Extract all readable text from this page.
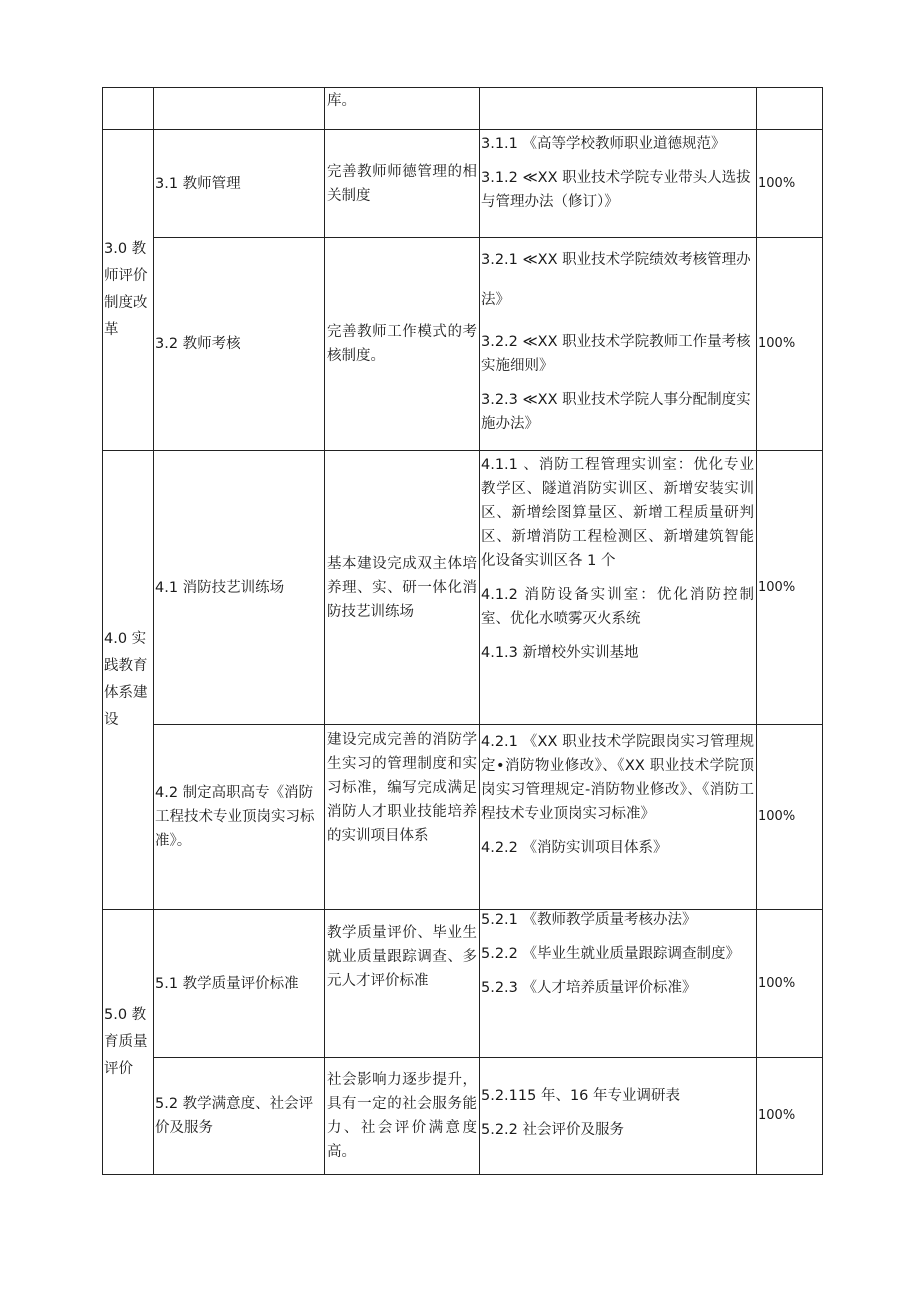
库。

3.0 教师评价制度改革
3.1 教师管理
完善教师师德管理的相关制度

3.1.1 《高等学校教师职业道德规范》

3.1.2 ≪XX 职业技术学院专业带头人选拔与管理办法（修订）》

100%
3.2 教师考核
完善教师工作模式的考核制度。

3.2.1 ≪XX 职业技术学院绩效考核管理办法》

3.2.2 ≪XX 职业技术学院教师工作量考核实施细则》

3.2.3 ≪XX 职业技术学院人事分配制度实施办法》

100%
4.0 实践教育体系建设
4.1 消防技艺训练场
基本建设完成双主体培养理、实、研一体化消防技艺训练场

4.1.1 、消防工程管理实训室：优化专业教学区、隧道消防实训区、新增安装实训区、新增绘图算量区、新增工程质量研判区、新增消防工程检测区、新增建筑智能化设备实训区各 1 个

4.1.2 消防设备实训室：优化消防控制室、优化水喷雾灭火系统

4.1.3 新增校外实训基地

100%
4.2 制定高职高专《消防工程技术专业顶岗实习标准》。
建设完成完善的消防学生实习的管理制度和实习标准，编写完成满足消防人才职业技能培养的实训项目体系

4.2.1 《XX 职业技术学院跟岗实习管理规定•消防物业修改》、《XX 职业技术学院顶岗实习管理规定-消防物业修改》、《消防工程技术专业顶岗实习标准》

4.2.2 《消防实训项目体系》

100%
5.0 教育质量评价
5.1 教学质量评价标准
教学质量评价、毕业生就业质量跟踪调查、多元人才评价标准

5.2.1 《教师教学质量考核办法》

5.2.2 《毕业生就业质量跟踪调查制度》

5.2.3 《人才培养质量评价标准》	100%
5.2 教学满意度、社会评价及服务
社会影响力逐步提升，具有一定的社会服务能力、社会评价满意度高。

5.2.115 年、16 年专业调研表

5.2.2 社会评价及服务

100%
